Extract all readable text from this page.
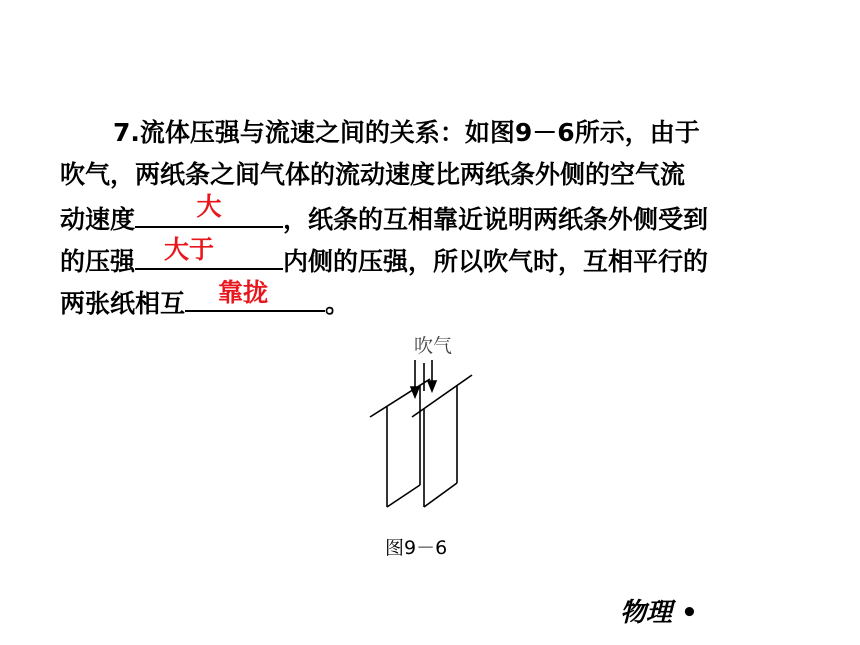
7.流体压强与流速之间的关系：如图9－6所示，由于
吹气，两纸条之间气体的流动速度比两纸条外侧的空气流
动速度	大	，纸条的互相靠近说明两纸条外侧受到
的压强	大于	内侧的压强，所以吹气时，互相平行的
两张纸相互	靠拢	。
吹气
图9－6
物理 •
